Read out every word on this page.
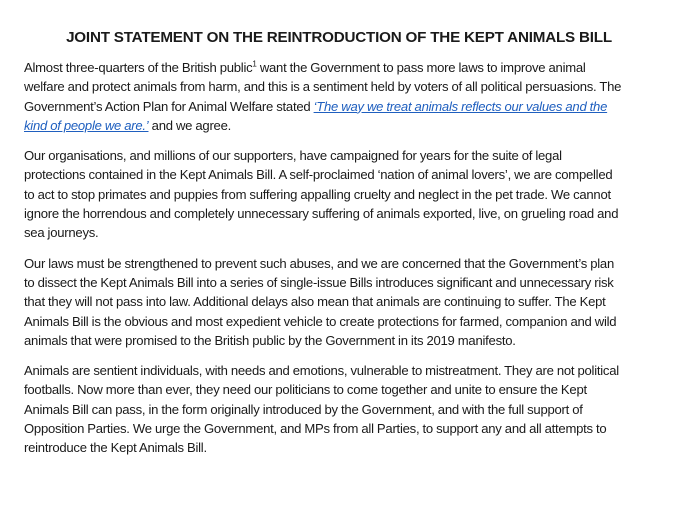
JOINT STATEMENT ON THE REINTRODUCTION OF THE KEPT ANIMALS BILL

Almost three-quarters of the British public$^1$ want the Government to pass more laws to improve animal welfare and protect animals from harm, and this is a sentiment held by voters of all political persuasions. The Government’s Action Plan for Animal Welfare stated ‘The way we treat animals reflects our values and the kind of people we are.’ and we agree.

Our organisations, and millions of our supporters, have campaigned for years for the suite of legal protections contained in the Kept Animals Bill. A self-proclaimed ‘nation of animal lovers’, we are compelled to act to stop primates and puppies from suffering appalling cruelty and neglect in the pet trade. We cannot ignore the horrendous and completely unnecessary suffering of animals exported, live, on grueling road and sea journeys.

Our laws must be strengthened to prevent such abuses, and we are concerned that the Government’s plan to dissect the Kept Animals Bill into a series of single-issue Bills introduces significant and unnecessary risk that they will not pass into law. Additional delays also mean that animals are continuing to suffer. The Kept Animals Bill is the obvious and most expedient vehicle to create protections for farmed, companion and wild animals that were promised to the British public by the Government in its 2019 manifesto.

Animals are sentient individuals, with needs and emotions, vulnerable to mistreatment. They are not political footballs. Now more than ever, they need our politicians to come together and unite to ensure the Kept Animals Bill can pass, in the form originally introduced by the Government, and with the full support of Opposition Parties. We urge the Government, and MPs from all Parties, to support any and all attempts to reintroduce the Kept Animals Bill.
